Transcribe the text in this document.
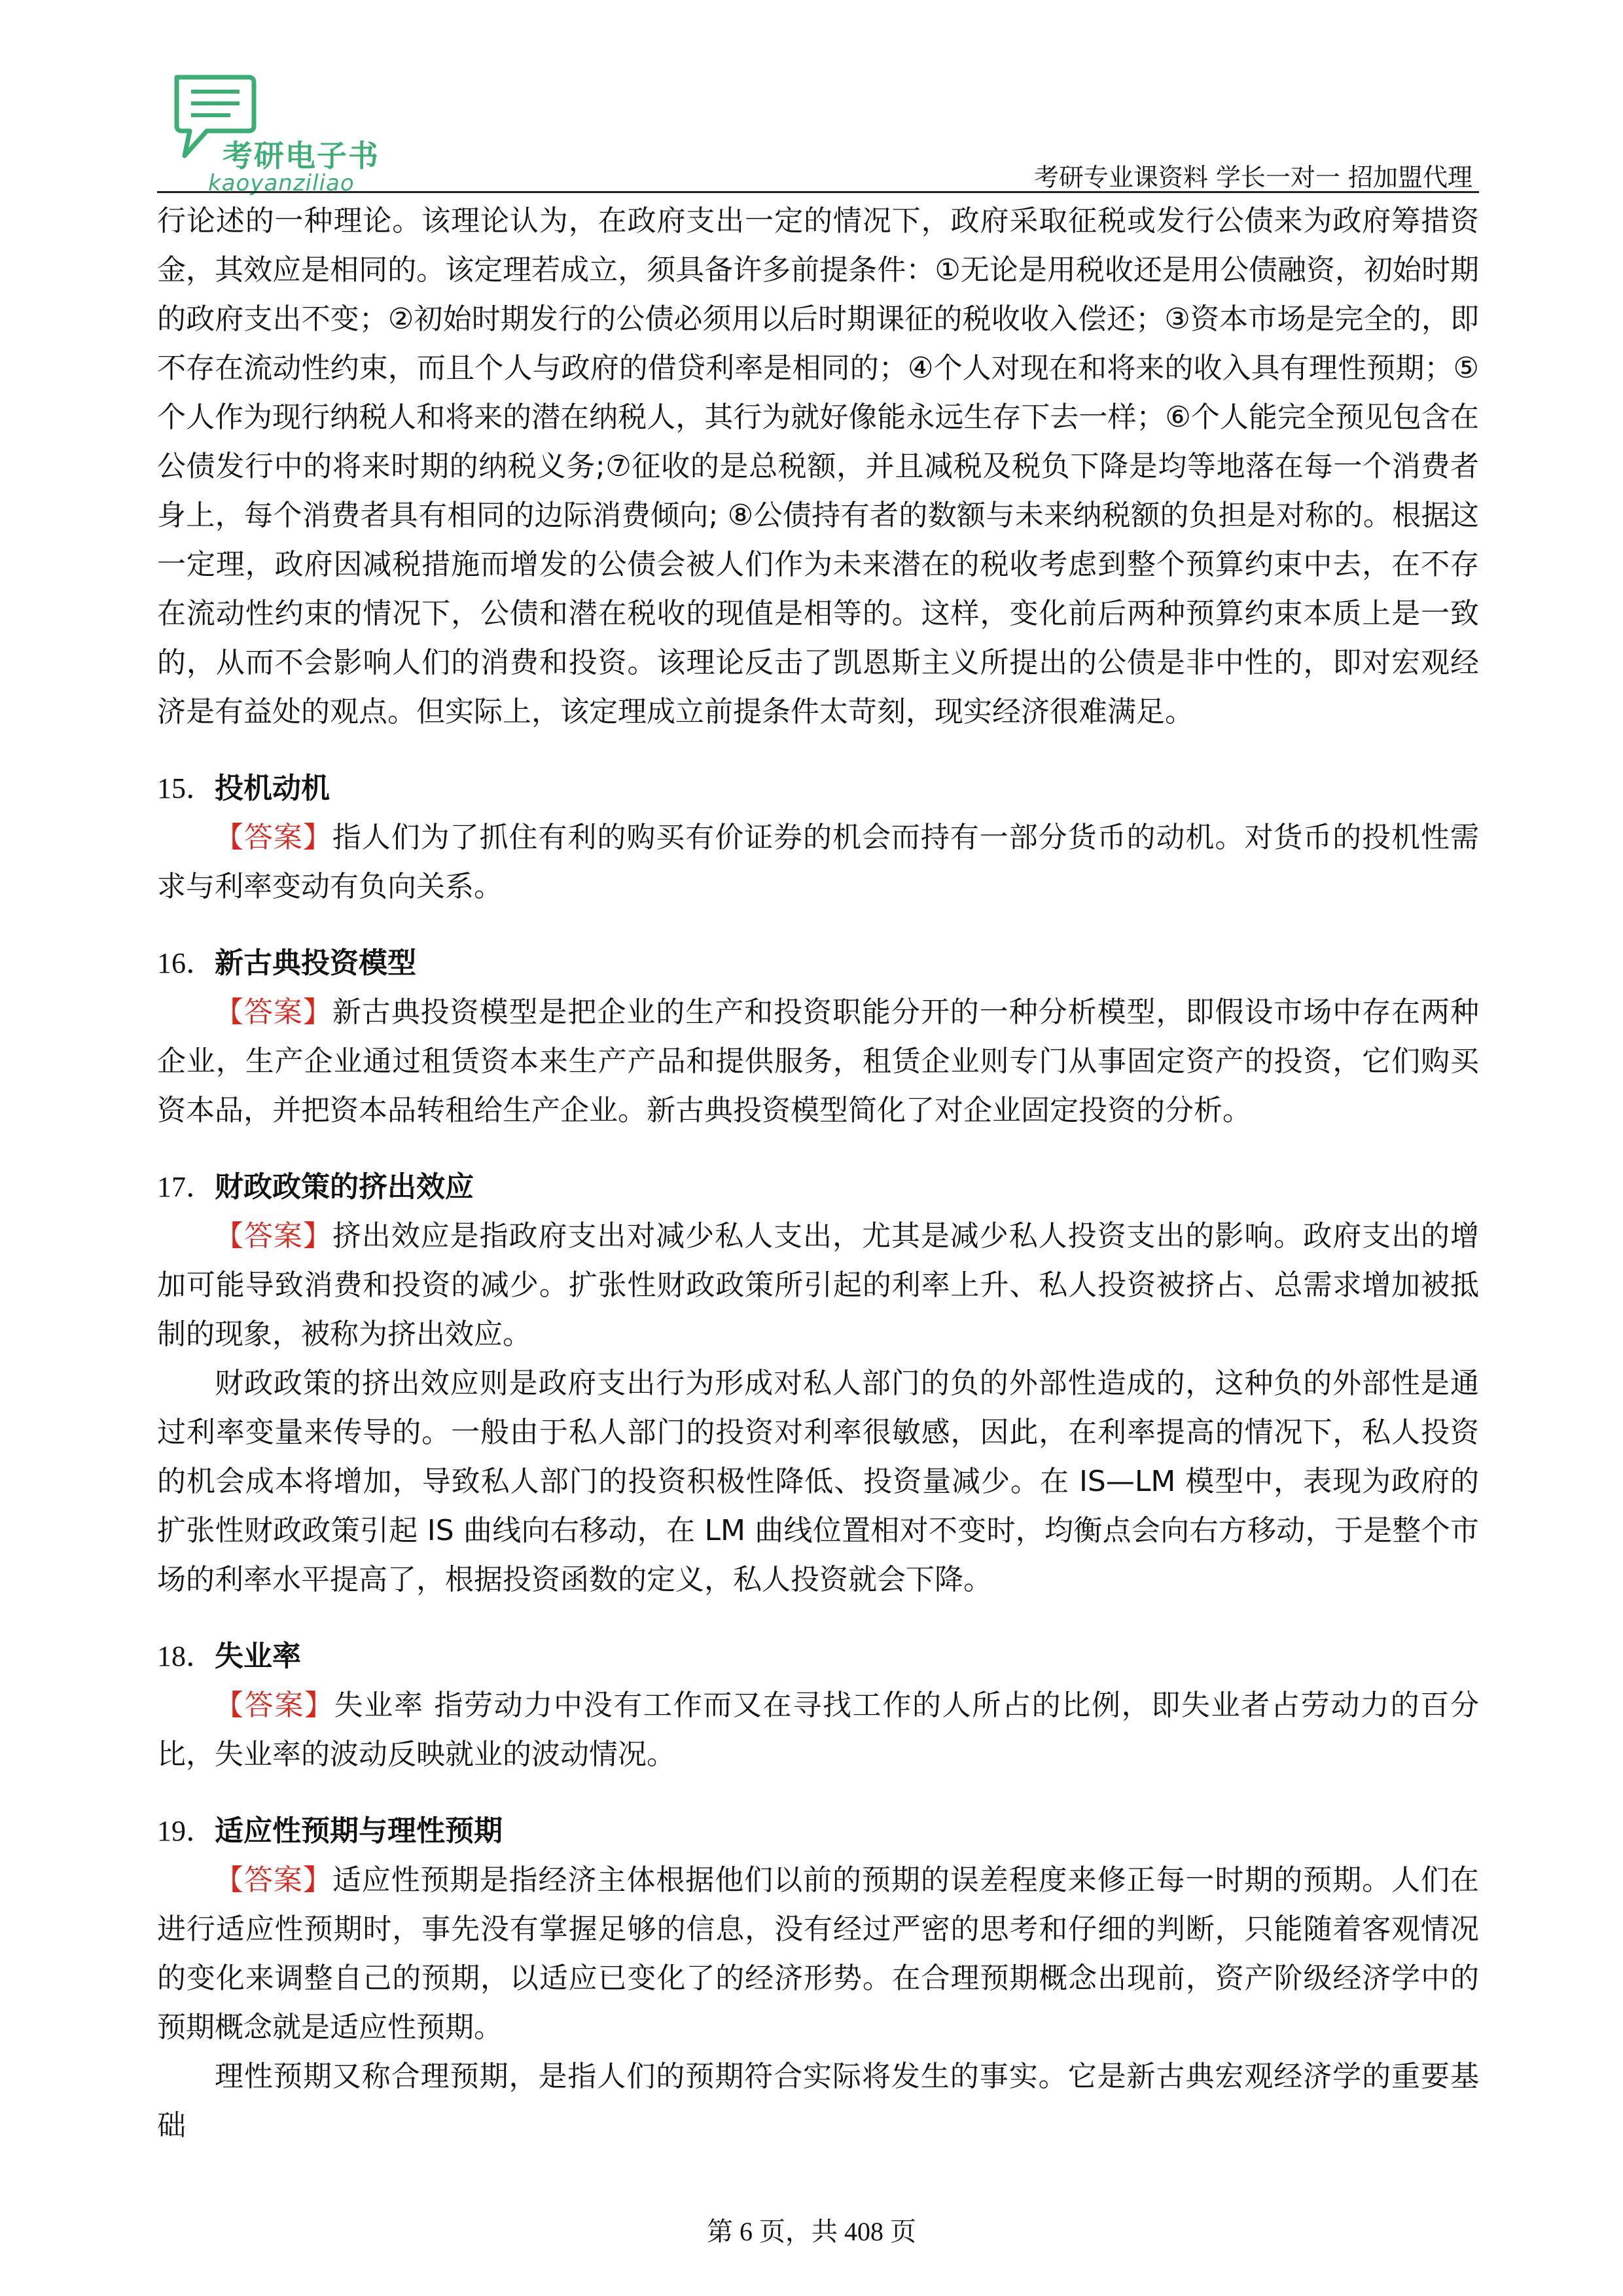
考研电子书
kaoyanziliao	考研专业课资料 学长一对一 招加盟代理

行论述的一种理论。该理论认为，在政府支出一定的情况下，政府采取征税或发行公债来为政府筹措资金，其效应是相同的。该定理若成立，须具备许多前提条件：①无论是用税收还是用公债融资，初始时期的政府支出不变；②初始时期发行的公债必须用以后时期课征的税收收入偿还；③资本市场是完全的，即不存在流动性约束，而且个人与政府的借贷利率是相同的；④个人对现在和将来的收入具有理性预期；⑤个人作为现行纳税人和将来的潜在纳税人，其行为就好像能永远生存下去一样；⑥个人能完全预见包含在公债发行中的将来时期的纳税义务;⑦征收的是总税额，并且减税及税负下降是均等地落在每一个消费者身上，每个消费者具有相同的边际消费倾向; ⑧公债持有者的数额与未来纳税额的负担是对称的。根据这一定理，政府因减税措施而增发的公债会被人们作为未来潜在的税收考虑到整个预算约束中去，在不存在流动性约束的情况下，公债和潜在税收的现值是相等的。这样，变化前后两种预算约束本质上是一致的，从而不会影响人们的消费和投资。该理论反击了凯恩斯主义所提出的公债是非中性的，即对宏观经济是有益处的观点。但实际上，该定理成立前提条件太苛刻，现实经济很难满足。

15．投机动机

【答案】指人们为了抓住有利的购买有价证券的机会而持有一部分货币的动机。对货币的投机性需求与利率变动有负向关系。

16．新古典投资模型

【答案】新古典投资模型是把企业的生产和投资职能分开的一种分析模型，即假设市场中存在两种企业，生产企业通过租赁资本来生产产品和提供服务，租赁企业则专门从事固定资产的投资，它们购买资本品，并把资本品转租给生产企业。新古典投资模型简化了对企业固定投资的分析。

17．财政政策的挤出效应

【答案】挤出效应是指政府支出对减少私人支出，尤其是减少私人投资支出的影响。政府支出的增加可能导致消费和投资的减少。扩张性财政政策所引起的利率上升、私人投资被挤占、总需求增加被抵制的现象，被称为挤出效应。

财政政策的挤出效应则是政府支出行为形成对私人部门的负的外部性造成的，这种负的外部性是通过利率变量来传导的。一般由于私人部门的投资对利率很敏感，因此，在利率提高的情况下，私人投资的机会成本将增加，导致私人部门的投资积极性降低、投资量减少。在 IS—LM 模型中，表现为政府的扩张性财政政策引起 IS 曲线向右移动，在 LM 曲线位置相对不变时，均衡点会向右方移动，于是整个市场的利率水平提高了，根据投资函数的定义，私人投资就会下降。

18．失业率

【答案】失业率 指劳动力中没有工作而又在寻找工作的人所占的比例，即失业者占劳动力的百分比，失业率的波动反映就业的波动情况。

19．适应性预期与理性预期

【答案】适应性预期是指经济主体根据他们以前的预期的误差程度来修正每一时期的预期。人们在进行适应性预期时，事先没有掌握足够的信息，没有经过严密的思考和仔细的判断，只能随着客观情况的变化来调整自己的预期，以适应已变化了的经济形势。在合理预期概念出现前，资产阶级经济学中的预期概念就是适应性预期。

理性预期又称合理预期，是指人们的预期符合实际将发生的事实。它是新古典宏观经济学的重要基础

第 6 页，共 408 页
